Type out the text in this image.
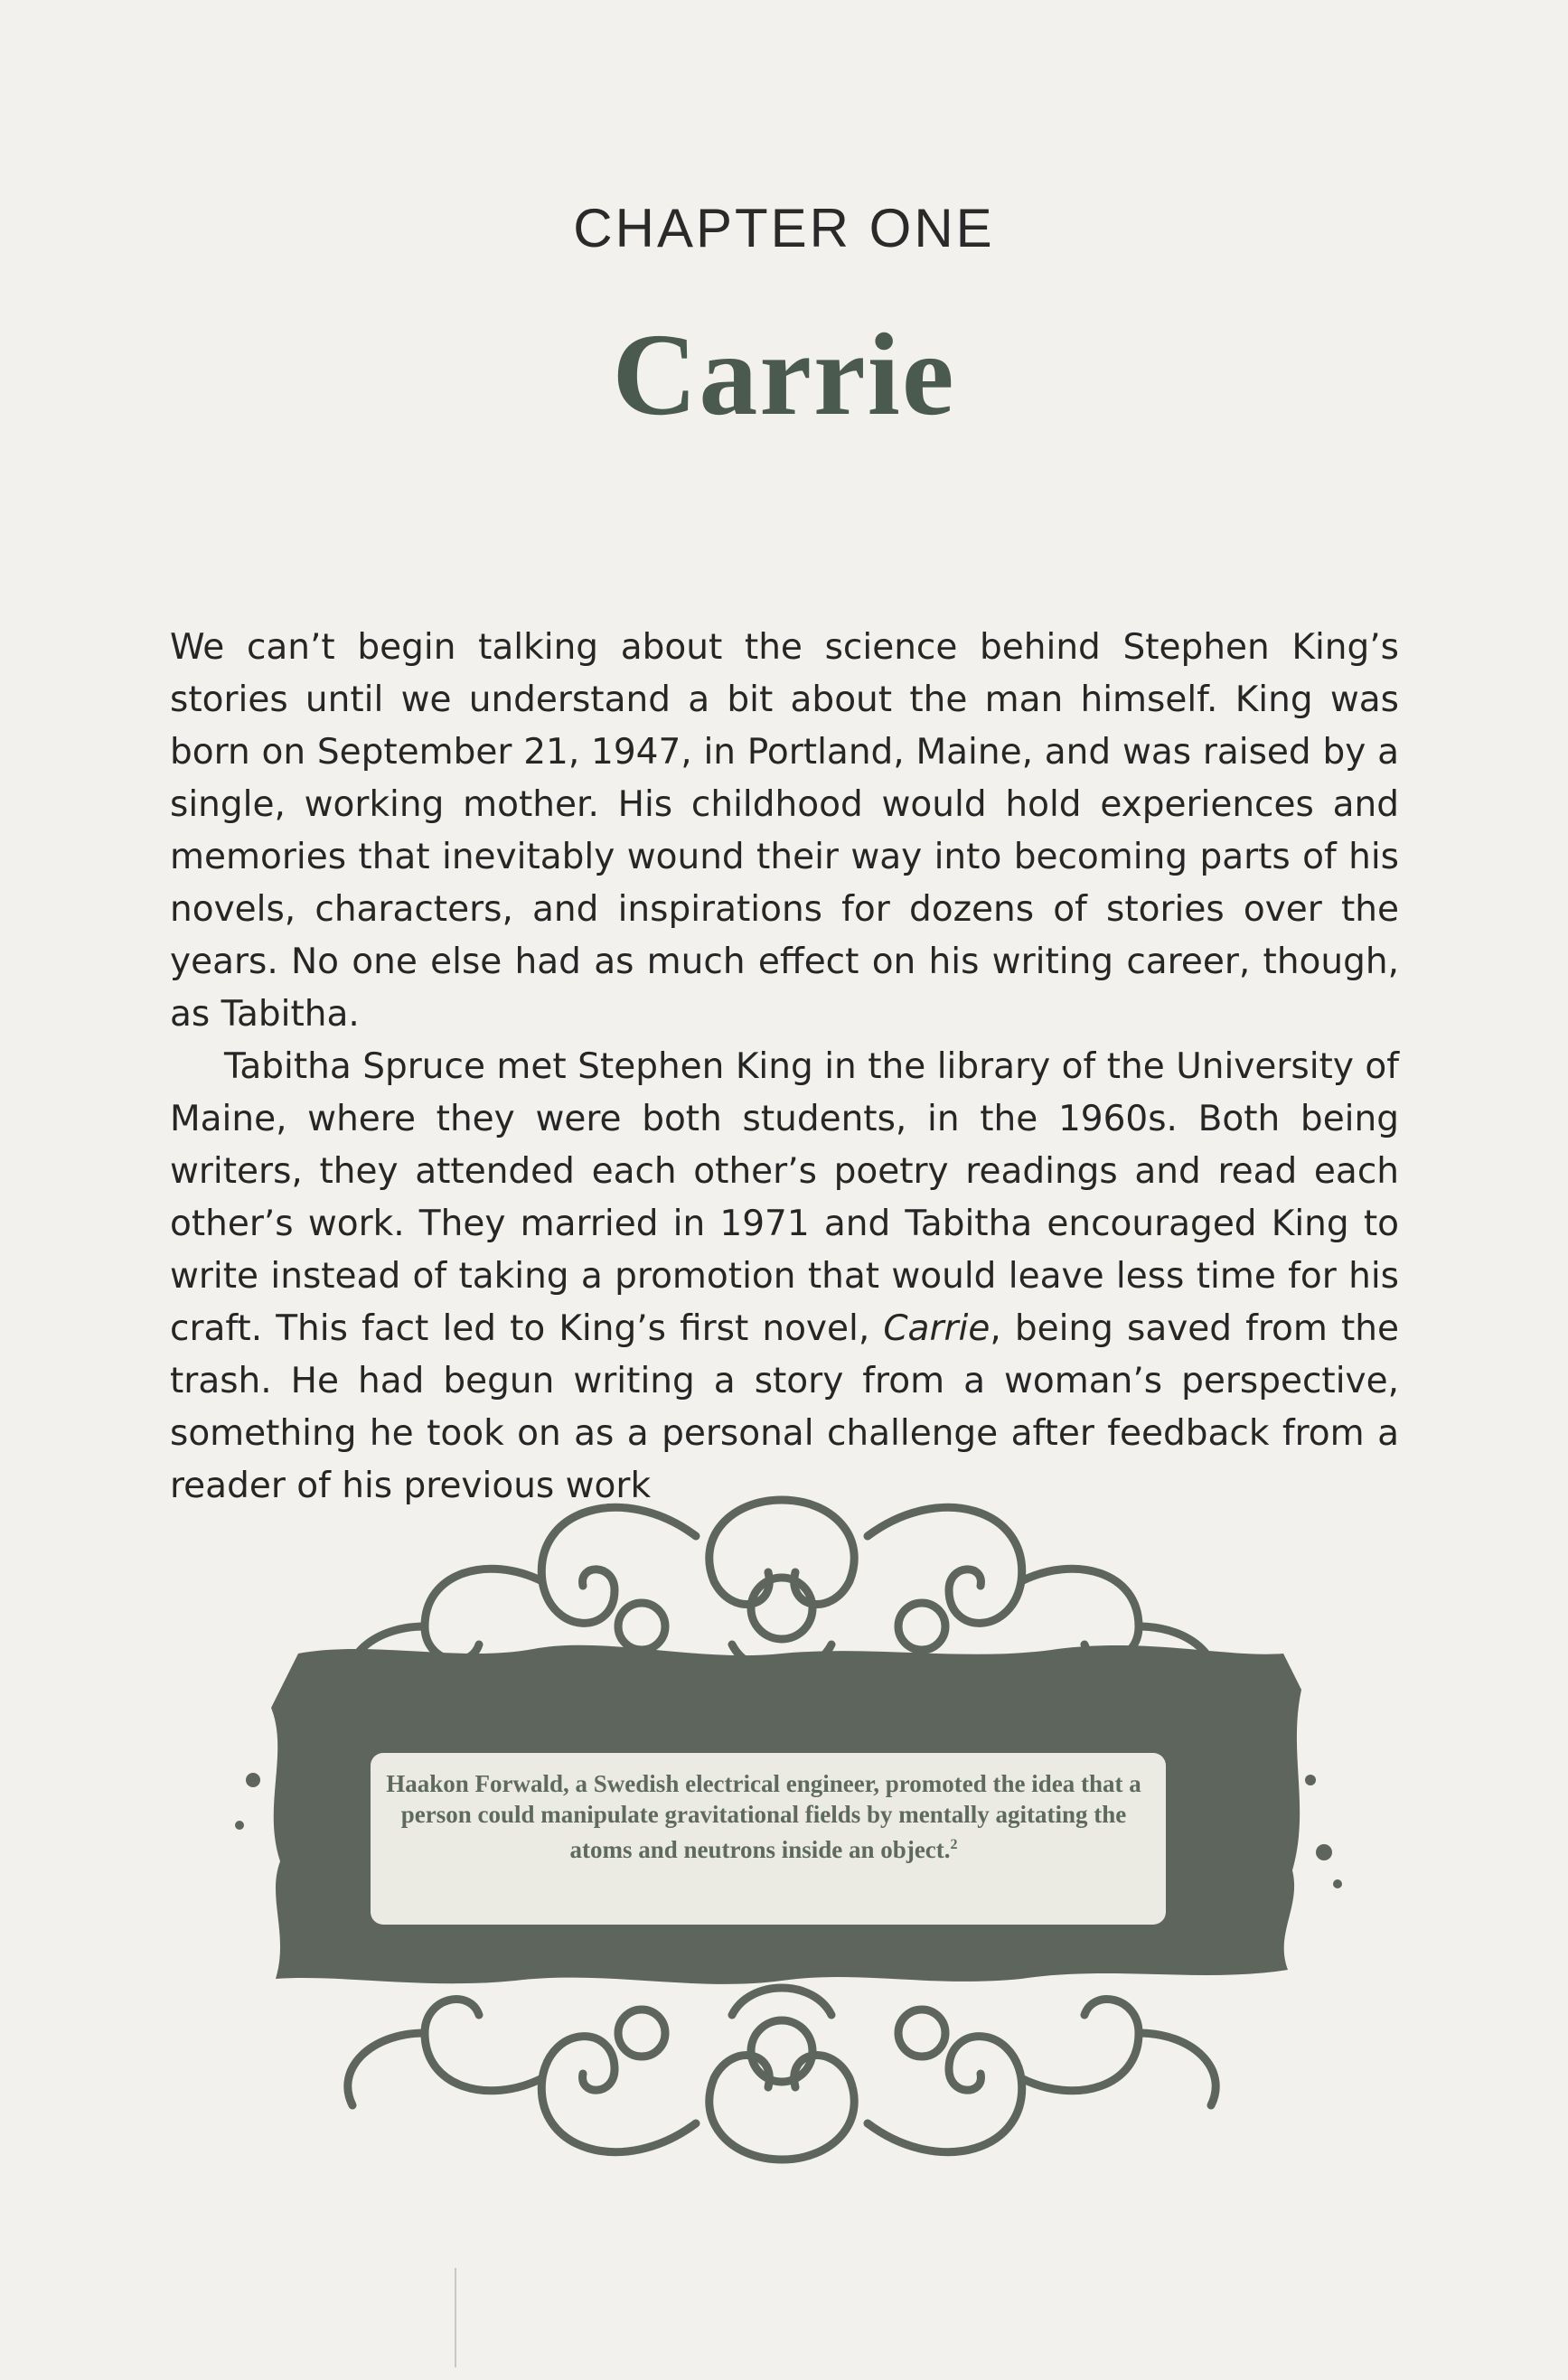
CHAPTER ONE
Carrie

We can’t begin talking about the science behind Stephen King’s stories until we understand a bit about the man himself. King was born on September 21, 1947, in Portland, Maine, and was raised by a single, working mother. His childhood would hold experiences and memories that inevitably wound their way into becoming parts of his novels, characters, and inspirations for dozens of stories over the years. No one else had as much effect on his writing career, though, as Tabitha.

Tabitha Spruce met Stephen King in the library of the University of Maine, where they were both students, in the 1960s. Both being writers, they attended each other’s poetry readings and read each other’s work. They married in 1971 and Tabitha encouraged King to write instead of taking a promotion that would leave less time for his craft. This fact led to King’s first novel, Carrie, being saved from the trash. He had begun writing a story from a woman’s perspective, something he took on as a personal challenge after feedback from a reader of his previous work

Haakon Forwald, a Swedish electrical engineer, promoted the idea that a person could manipulate gravitational fields by mentally agitating the atoms and neutrons inside an object.$^2$
